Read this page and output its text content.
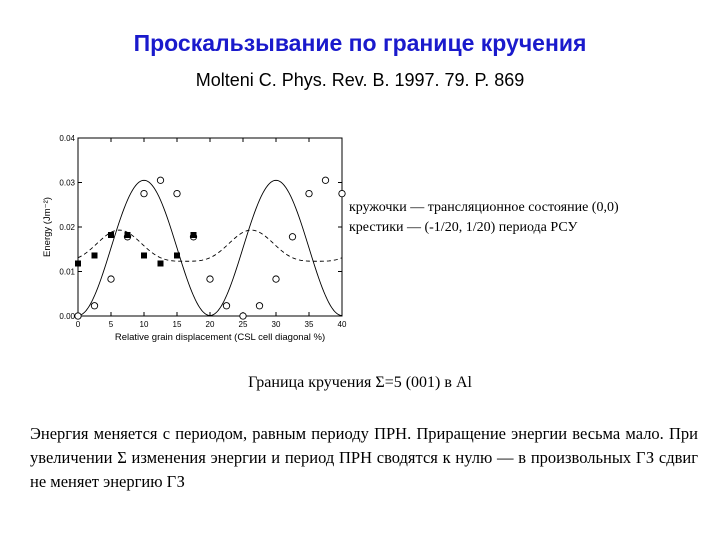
Проскальзывание по границе кручения
Molteni C. Phys. Rev. B. 1997. 79. P. 869
0	5	10	15	20	25	30	35	40
0.00
0.01
0.02
0.03
0.04
Relative grain displacement (CSL cell diagonal %)
Energy (Jm⁻²)	кружочки — трансляционное состояние (0,0)
крестики — (-1/20, 1/20) периода РСУ
Граница кручения Σ=5 (001) в Al
Энергия меняется с периодом, равным периоду ПРН. Приращение энергии весьма мало. При увеличении Σ изменения энергии и период ПРН сводятся к нулю — в произвольных ГЗ сдвиг не меняет энергию ГЗ
